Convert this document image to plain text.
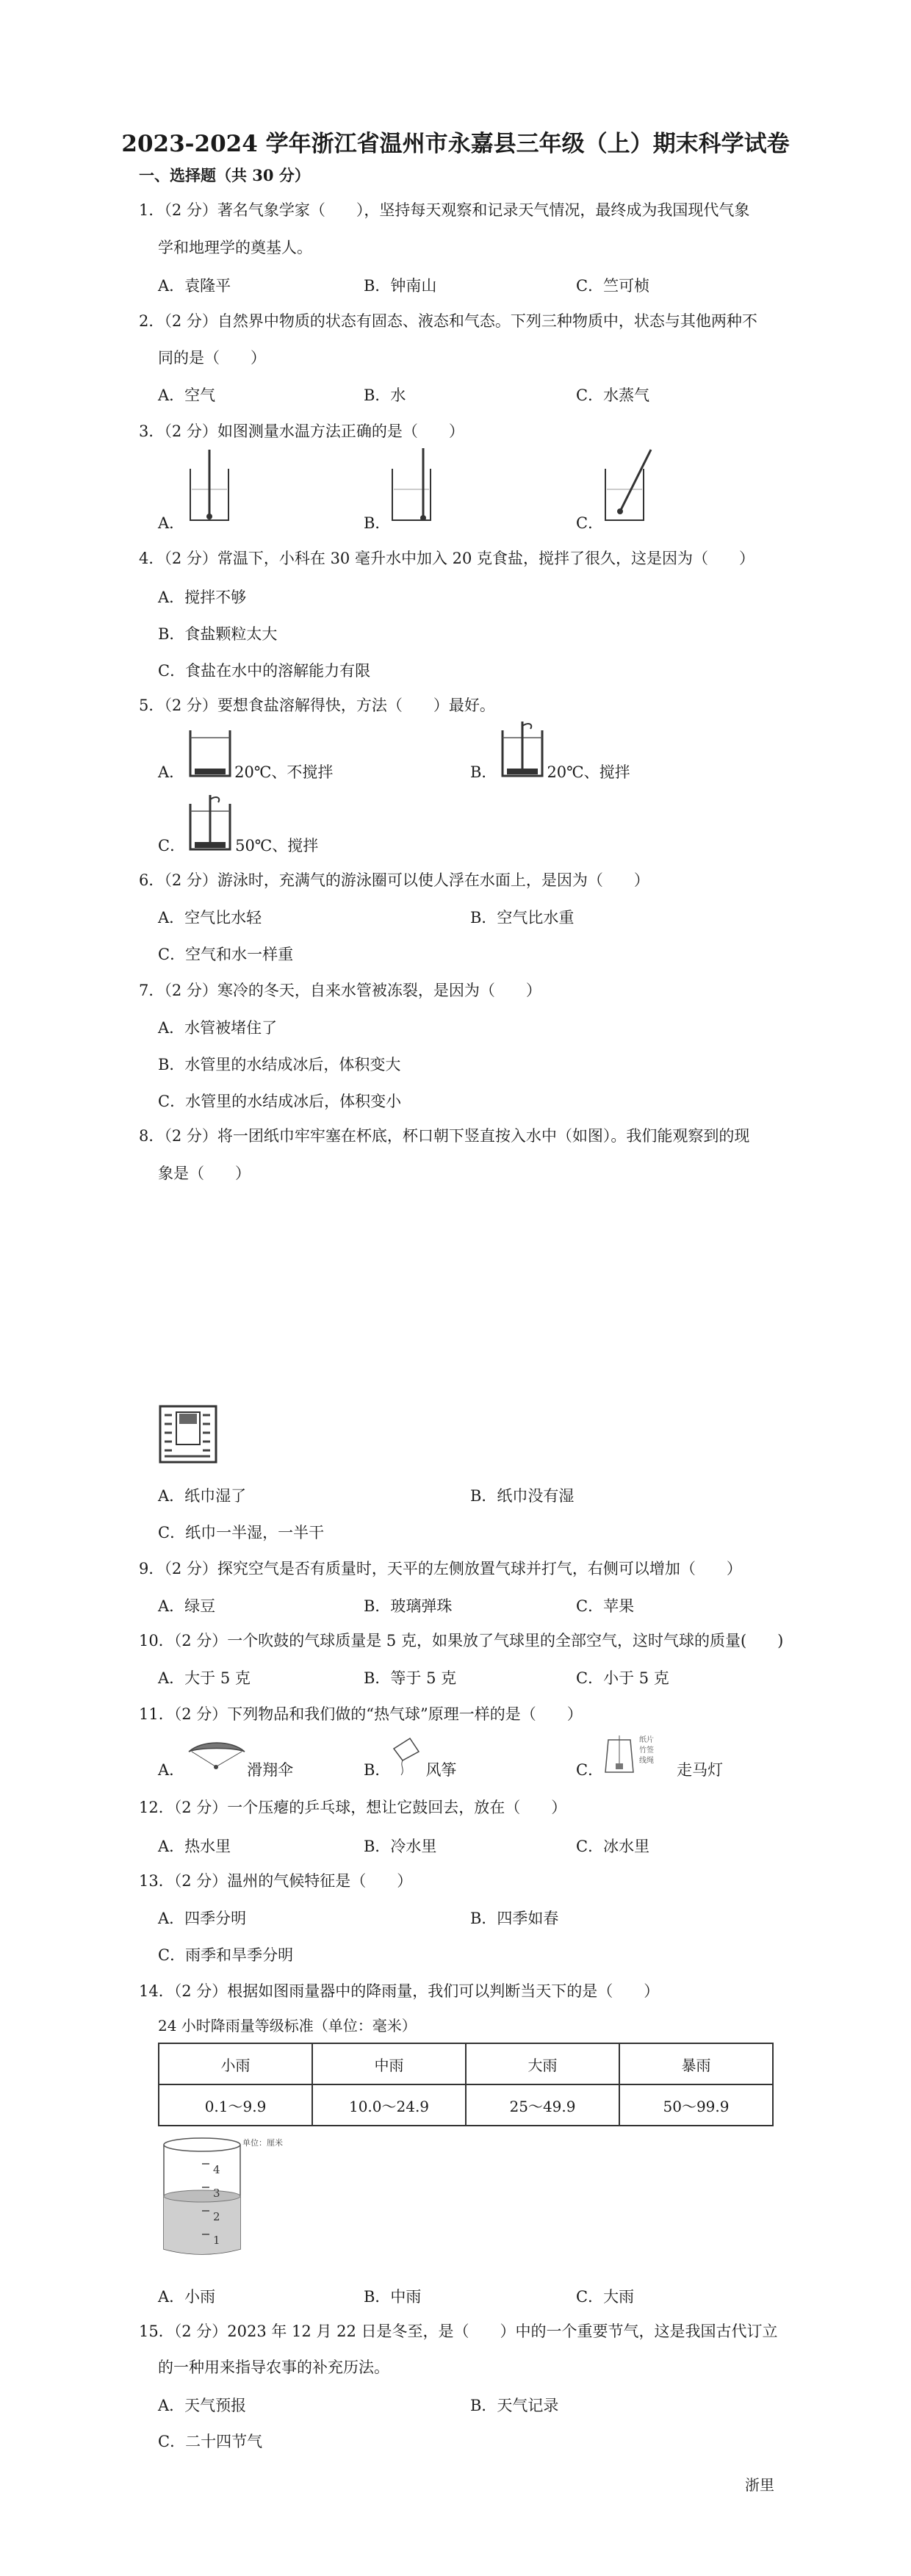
2023-2024 学年浙江省温州市永嘉县三年级（上）期末科学试卷
一、选择题（共 30 分）
1．（2 分）著名气象学家（　　），坚持每天观察和记录天气情况，最终成为我国现代气象
学和地理学的奠基人。
A．袁隆平	B．钟南山	C．竺可桢
2．（2 分）自然界中物质的状态有固态、液态和气态。下列三种物质中，状态与其他两种不
同的是（　　）
A．空气	B．水	C．水蒸气
3．（2 分）如图测量水温方法正确的是（　　）
A．	B．	C．
4．（2 分）常温下，小科在 30 毫升水中加入 20 克食盐，搅拌了很久，这是因为（　　）
A．搅拌不够
B．食盐颗粒太大
C．食盐在水中的溶解能力有限
5．（2 分）要想食盐溶解得快，方法（　　）最好。
A．	20℃、不搅拌	B．	20℃、搅拌
C．	50℃、搅拌
6．（2 分）游泳时，充满气的游泳圈可以使人浮在水面上，是因为（　　）
A．空气比水轻	B．空气比水重
C．空气和水一样重
7．（2 分）寒冷的冬天，自来水管被冻裂，是因为（　　）
A．水管被堵住了
B．水管里的水结成冰后，体积变大
C．水管里的水结成冰后，体积变小
8．（2 分）将一团纸巾牢牢塞在杯底，杯口朝下竖直按入水中（如图）。我们能观察到的现
象是（　　）
A．纸巾湿了	B．纸巾没有湿
C．纸巾一半湿，一半干
9．（2 分）探究空气是否有质量时，天平的左侧放置气球并打气，右侧可以增加（　　）
A．绿豆	B．玻璃弹珠	C．苹果
10．（2 分）一个吹鼓的气球质量是 5 克，如果放了气球里的全部空气，这时气球的质量(　　)
A．大于 5 克	B．等于 5 克	C．小于 5 克
11．（2 分）下列物品和我们做的“热气球”原理一样的是（　　）
A．	滑翔伞	B． 风筝
纸片
竹签
线绳
C．	走马灯
12．（2 分）一个压瘪的乒乓球，想让它鼓回去，放在（　　）
A．热水里	B．冷水里	C．冰水里
13．（2 分）温州的气候特征是（　　）
A．四季分明	B．四季如春
C．雨季和旱季分明
14．（2 分）根据如图雨量器中的降雨量，我们可以判断当天下的是（　　）
24 小时降雨量等级标准（单位：毫米）
小雨	中雨	大雨	暴雨
0.1～9.9	10.0～24.9	25～49.9	50～99.9
4
3
2
1
单位：厘米
A．小雨	B．中雨	C．大雨
15．（2 分）2023 年 12 月 22 日是冬至，是（　　）中的一个重要节气，这是我国古代订立
的一种用来指导农事的补充历法。
A．天气预报	B．天气记录
C．二十四节气
浙里
